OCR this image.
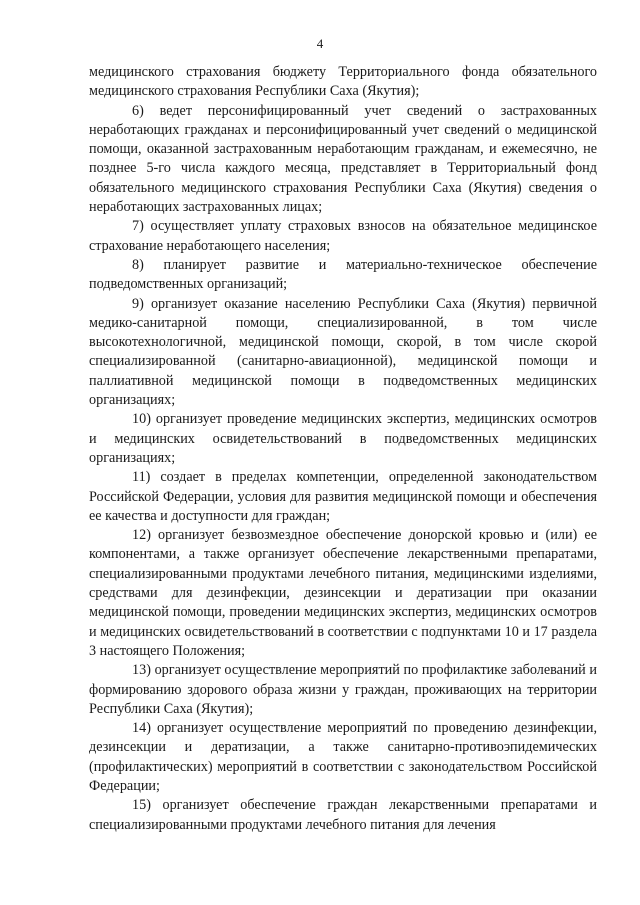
4

медицинского страхования бюджету Территориального фонда обязательного медицинского страхования Республики Саха (Якутия);

6) ведет персонифицированный учет сведений о застрахованных неработающих гражданах и персонифицированный учет сведений о медицинской помощи, оказанной застрахованным неработающим гражданам, и ежемесячно, не позднее 5-го числа каждого месяца, представляет в Территориальный фонд обязательного медицинского страхования Республики Саха (Якутия) сведения о неработающих застрахованных лицах;

7) осуществляет уплату страховых взносов на обязательное медицинское страхование неработающего населения;

8) планирует развитие и материально-техническое обеспечение подведомственных организаций;

9) организует оказание населению Республики Саха (Якутия) первичной медико-санитарной помощи, специализированной, в том числе высокотехнологичной, медицинской помощи, скорой, в том числе скорой специализированной (санитарно-авиационной), медицинской помощи и паллиативной медицинской помощи в подведомственных медицинских организациях;

10) организует проведение медицинских экспертиз, медицинских осмотров и медицинских освидетельствований в подведомственных медицинских организациях;

11) создает в пределах компетенции, определенной законодательством Российской Федерации, условия для развития медицинской помощи и обеспечения ее качества и доступности для граждан;

12) организует безвозмездное обеспечение донорской кровью и (или) ее компонентами, а также организует обеспечение лекарственными препаратами, специализированными продуктами лечебного питания, медицинскими изделиями, средствами для дезинфекции, дезинсекции и дератизации при оказании медицинской помощи, проведении медицинских экспертиз, медицинских осмотров и медицинских освидетельствований в соответствии с подпунктами 10 и 17 раздела 3 настоящего Положения;

13) организует осуществление мероприятий по профилактике заболеваний и формированию здорового образа жизни у граждан, проживающих на территории Республики Саха (Якутия);

14) организует осуществление мероприятий по проведению дезинфекции, дезинсекции и дератизации, а также санитарно-противоэпидемических (профилактических) мероприятий в соответствии с законодательством Российской Федерации;

15) организует обеспечение граждан лекарственными препаратами и специализированными продуктами лечебного питания для лечения
